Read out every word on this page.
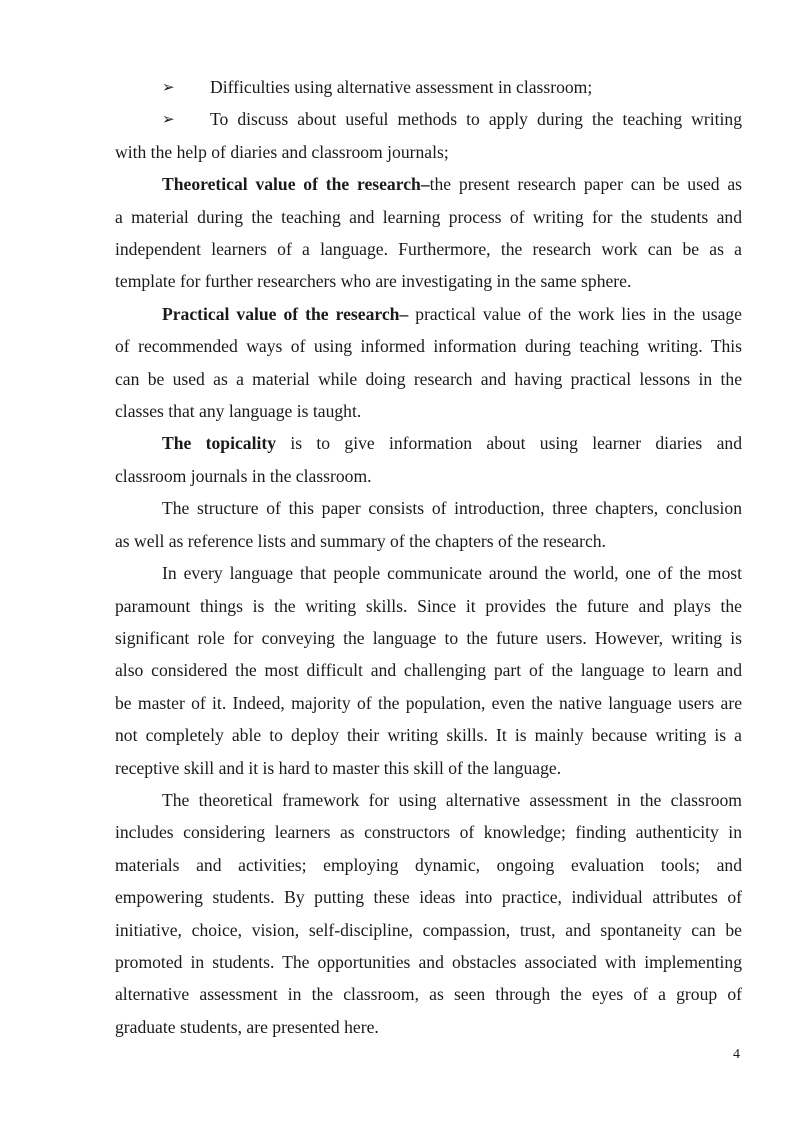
➢ Difficulties using alternative assessment in classroom;

➢ To discuss about useful methods to apply during the teaching writing

with the help of diaries and classroom journals;

Theoretical value of the research–the present research paper can be used as

a material during the teaching and learning process of writing for the students and

independent learners of a language. Furthermore, the research work can be as a

template for further researchers who are investigating in the same sphere.

Practical value of the research– practical value of the work lies in the usage

of recommended ways of using informed information during teaching writing. This

can be used as a material while doing research and having practical lessons in the

classes that any language is taught.

The topicality is to give information about using learner diaries and

classroom journals in the classroom.

The structure of this paper consists of introduction, three chapters, conclusion

as well as reference lists and summary of the chapters of the research.

In every language that people communicate around the world, one of the most

paramount things is the writing skills. Since it provides the future and plays the

significant role for conveying the language to the future users. However, writing is

also considered the most difficult and challenging part of the language to learn and

be master of it. Indeed, majority of the population, even the native language users are

not completely able to deploy their writing skills. It is mainly because writing is a

receptive skill and it is hard to master this skill of the language.

The theoretical framework for using alternative assessment in the classroom

includes considering learners as constructors of knowledge; finding authenticity in

materials and activities; employing dynamic, ongoing evaluation tools; and

empowering students. By putting these ideas into practice, individual attributes of

initiative, choice, vision, self-discipline, compassion, trust, and spontaneity can be

promoted in students. The opportunities and obstacles associated with implementing

alternative assessment in the classroom, as seen through the eyes of a group of

graduate students, are presented here.

4
